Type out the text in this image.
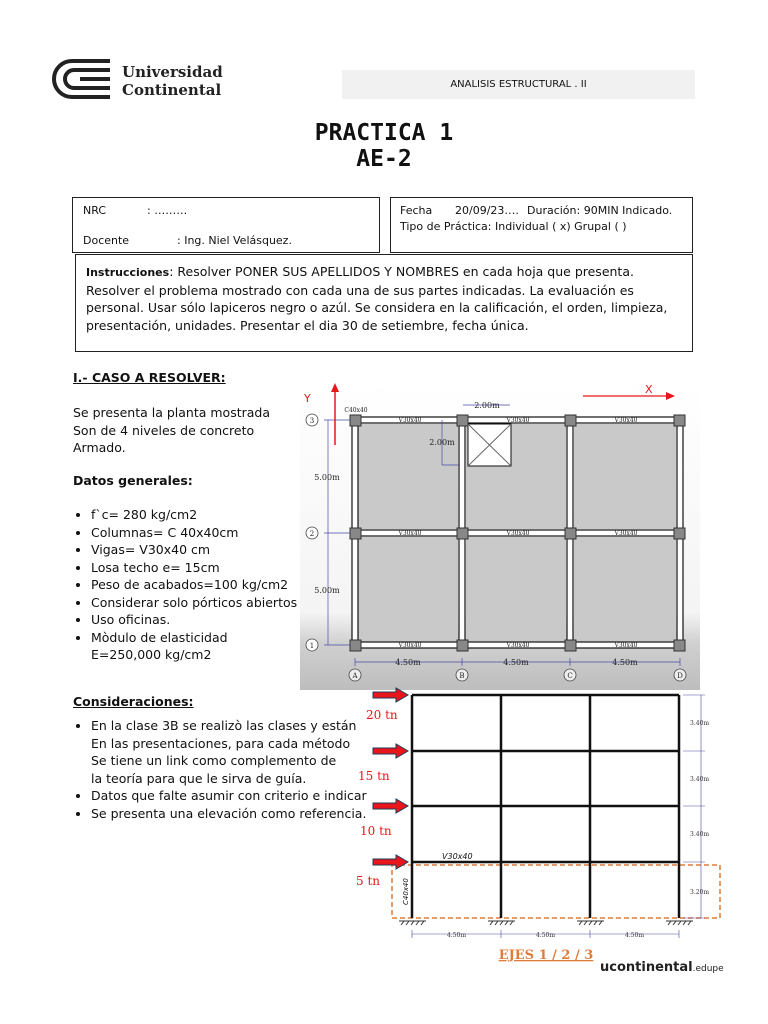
Universidad
Continental	ANALISIS ESTRUCTURAL . II
PRACTICA 1
AE-2
NRC	: ………
Docente	: Ing. Niel Velásquez.
Fecha 20/09/23…. Duración: 90MIN Indicado.
Tipo de Práctica: Individual ( x) Grupal ( )
Instrucciones: Resolver PONER SUS APELLIDOS Y NOMBRES en cada hoja que presenta. Resolver el problema mostrado con cada una de sus partes indicadas. La evaluación es personal. Usar sólo lapiceros negro o azúl. Se considera en la calificación, el orden, limpieza, presentación, unidades. Presentar el dia 30 de setiembre, fecha única.
I.- CASO A RESOLVER:
Se presenta la planta mostrada
Son de 4 niveles de concreto
Armado.
Datos generales:
• f`c= 280 kg/cm2
• Columnas= C 40x40cm
• Vigas= V30x40 cm
• Losa techo e= 15cm
• Peso de acabados=100 kg/cm2
• Considerar solo pórticos abiertos
• Uso oficinas.
• Mòdulo de elasticidad
E=250,000 kg/cm2
Consideraciones:
• En la clase 3B se realizò las clases y están
En las presentaciones, para cada método
Se tiene un link como complemento de
la teoría para que le sirva de guía.
• Datos que falte asumir con criterio e indicar
• Se presenta una elevación como referencia.
V30x40	V30x40	V30x40
V30x40	V30x40	V30x40
V30x40	V30x40	V30x40
C40x40
5.00m
5.00m
4.50m	4.50m	4.50m
2.00m
2.00m
3
2
1
A	B	C	D
Y
X
20 tn
15 tn
10 tn
5 tn
V30x40
C40x40
3.40m
3.40m
3.40m
3.20m
4.50m	4.50m	4.50m
EJES 1 / 2 / 3
ucontinental.edupe
